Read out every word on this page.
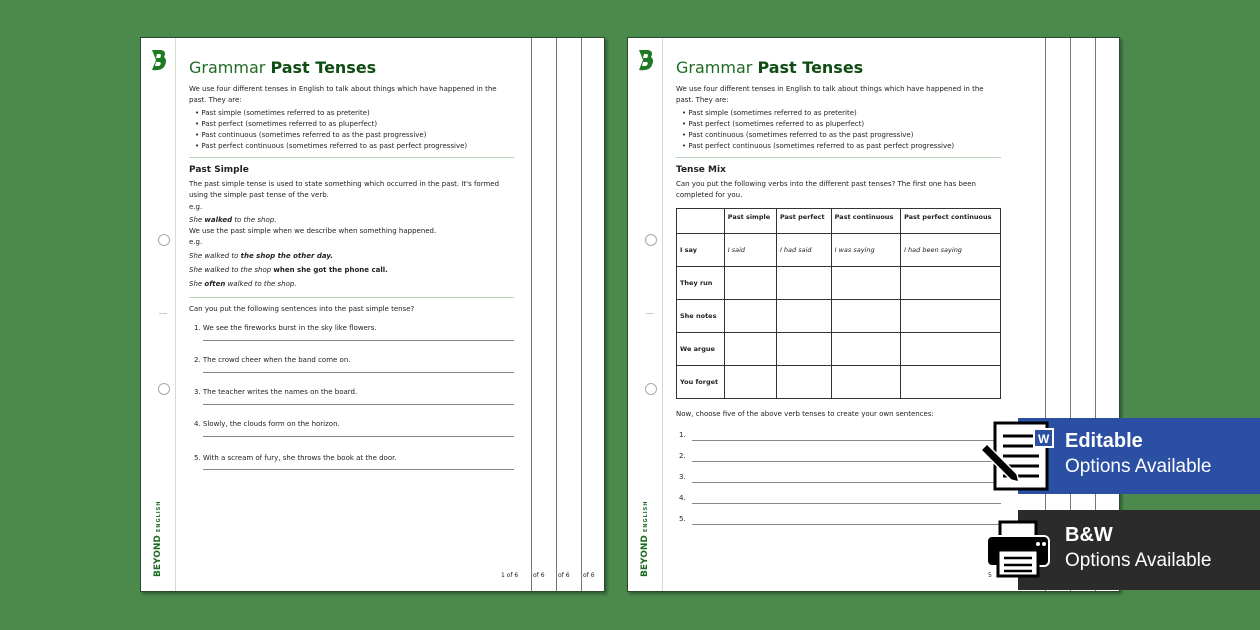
of 6 of 6 of 6
BEYONDENGLISH
Grammar Past Tenses

We use four different tenses in English to talk about things which have happened in the past. They are:

• Past simple (sometimes referred to as preterite)
• Past perfect (sometimes referred to as pluperfect)
• Past continuous (sometimes referred to as the past progressive)
• Past perfect continuous (sometimes referred to as past perfect progressive)
Past Simple

The past simple tense is used to state something which occurred in the past. It's formed using the simple past tense of the verb.

e.g.

She walked to the shop.

We use the past simple when we describe when something happened.

e.g.

She walked to the shop the other day.

She walked to the shop when she got the phone call.

She often walked to the shop.

Can you put the following sentences into the past simple tense?

1. We see the fireworks burst in the sky like flowers.

2. The crowd cheer when the band come on.

3. The teacher writes the names on the board.

4. Slowly, the clouds form on the horizon.

5. With a scream of fury, she throws the book at the door.

1 of 6	BEYONDENGLISH
Grammar Past Tenses

We use four different tenses in English to talk about things which have happened in the past. They are:

• Past simple (sometimes referred to as preterite)
• Past perfect (sometimes referred to as pluperfect)
• Past continuous (sometimes referred to as the past progressive)
• Past perfect continuous (sometimes referred to as past perfect progressive)
Tense Mix

Can you put the following verbs into the different past tenses? The first one has been completed for you.

	Past simple	Past perfect	Past continuous	Past perfect continuous
I say	I said	I had said	I was saying	I had been saying
They run				
She notes				
We argue				
You forget				

Now, choose five of the above verb tenses to create your own sentences:

1.
2.
3.
4.
5.
5
Editable
Options Available
W
B&W
Options Available
